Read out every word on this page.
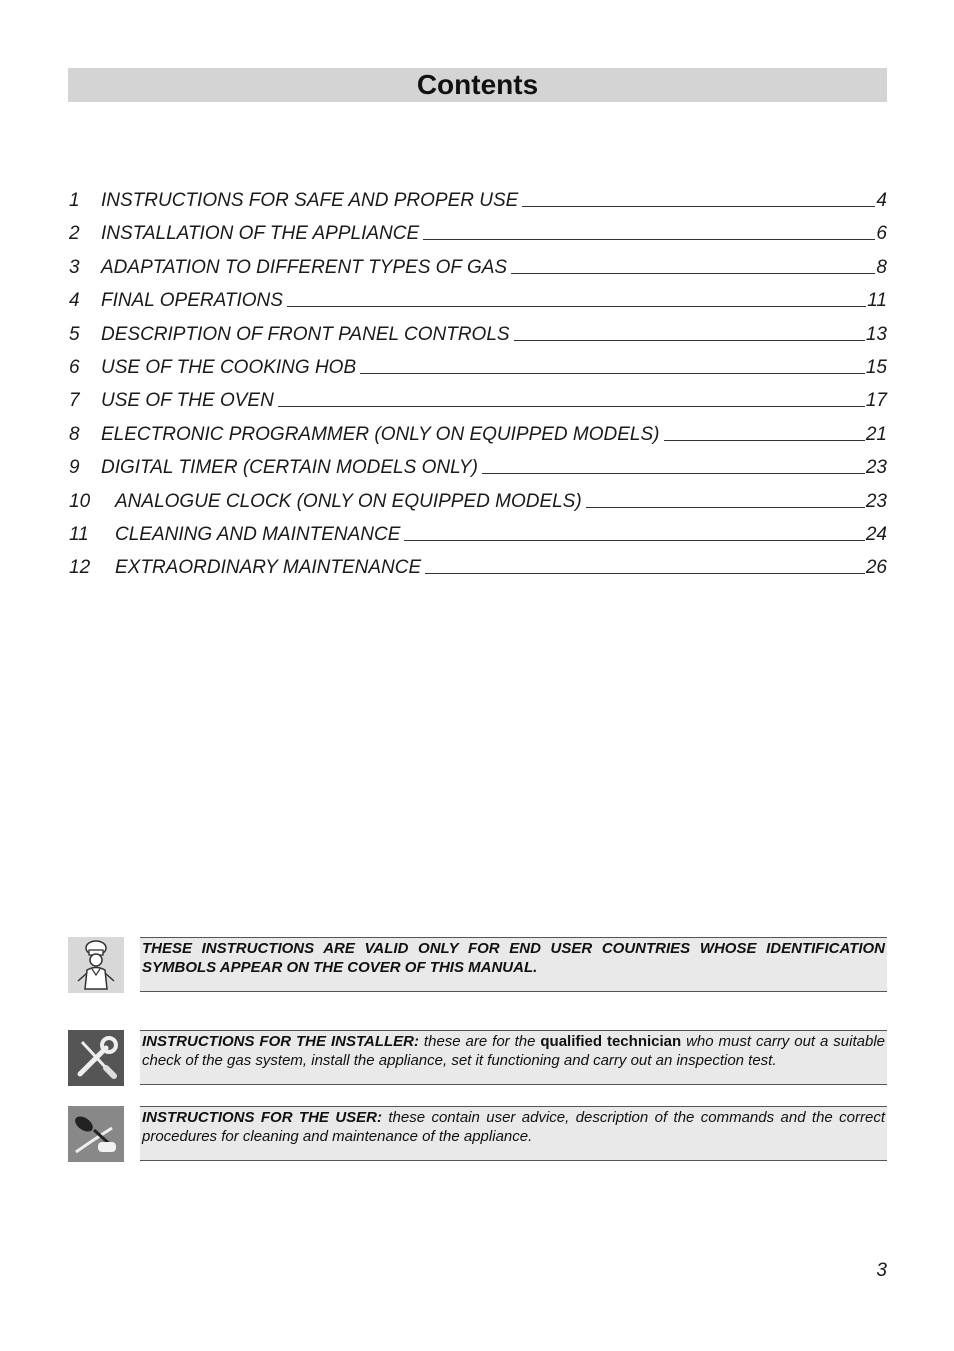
Contents
1	INSTRUCTIONS FOR SAFE AND PROPER USE	4
2	INSTALLATION OF THE APPLIANCE	6
3	ADAPTATION TO DIFFERENT TYPES OF GAS	8
4	FINAL OPERATIONS	11
5	DESCRIPTION OF FRONT PANEL CONTROLS	13
6	USE OF THE COOKING HOB	15
7	USE OF THE OVEN	17
8	ELECTRONIC PROGRAMMER (ONLY ON EQUIPPED MODELS)	21
9	DIGITAL TIMER (CERTAIN MODELS ONLY)	23
10	ANALOGUE CLOCK (ONLY ON EQUIPPED MODELS)	23
11	CLEANING AND MAINTENANCE	24
12	EXTRAORDINARY MAINTENANCE	26
THESE INSTRUCTIONS ARE VALID ONLY FOR END USER COUNTRIES WHOSE IDENTIFICATION SYMBOLS APPEAR ON THE COVER OF THIS MANUAL.
INSTRUCTIONS FOR THE INSTALLER: these are for the qualified technician who must carry out a suitable check of the gas system, install the appliance, set it functioning and carry out an inspection test.
INSTRUCTIONS FOR THE USER: these contain user advice, description of the commands and the correct procedures for cleaning and maintenance of the appliance.
3
